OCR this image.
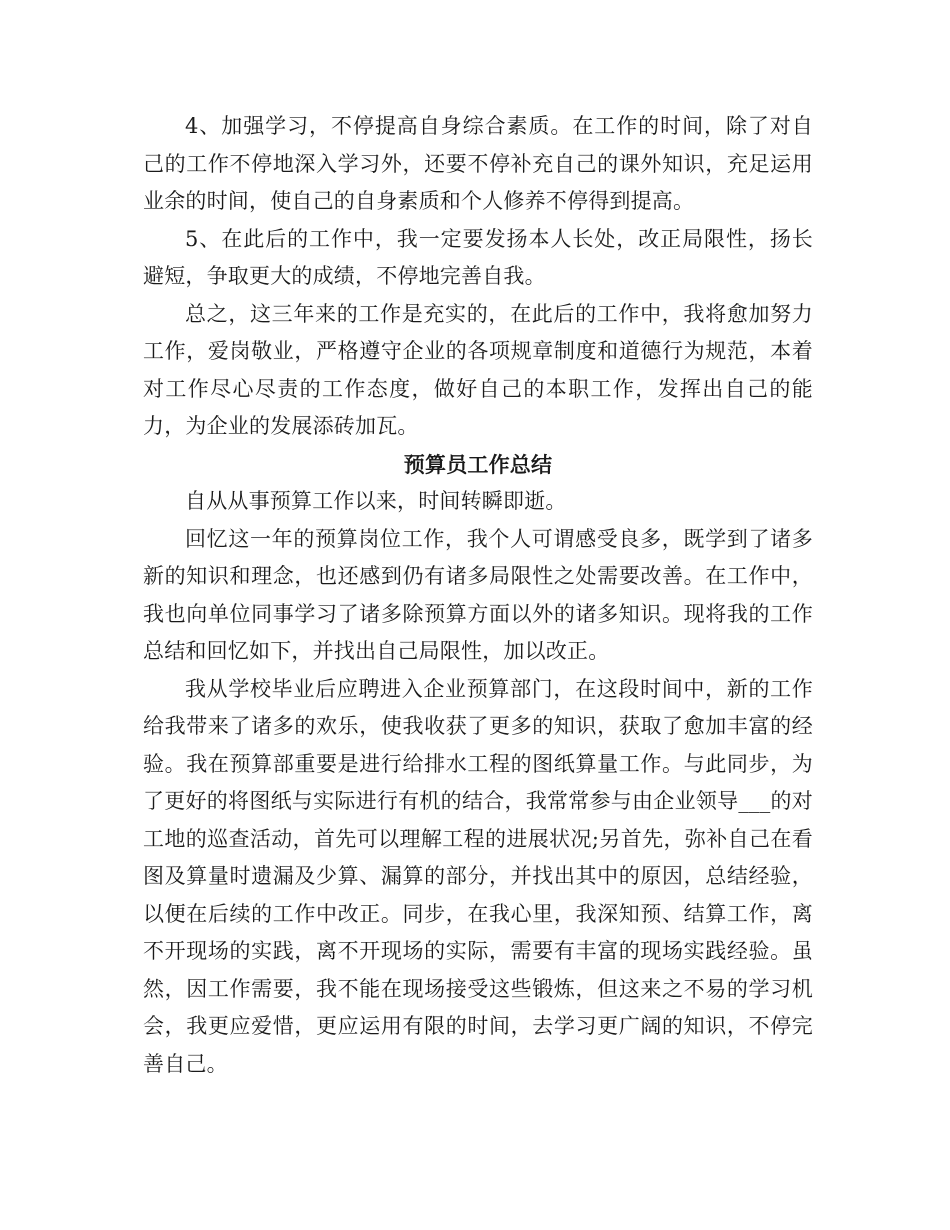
4、加强学习，不停提高自身综合素质。在工作的时间，除了对自己的工作不停地深入学习外，还要不停补充自己的课外知识，充足运用业余的时间，使自己的自身素质和个人修养不停得到提高。

5、在此后的工作中，我一定要发扬本人长处，改正局限性，扬长避短，争取更大的成绩，不停地完善自我。

总之，这三年来的工作是充实的，在此后的工作中，我将愈加努力工作，爱岗敬业，严格遵守企业的各项规章制度和道德行为规范，本着对工作尽心尽责的工作态度，做好自己的本职工作，发挥出自己的能力，为企业的发展添砖加瓦。

预算员工作总结

自从从事预算工作以来，时间转瞬即逝。

回忆这一年的预算岗位工作，我个人可谓感受良多，既学到了诸多新的知识和理念，也还感到仍有诸多局限性之处需要改善。在工作中，我也向单位同事学习了诸多除预算方面以外的诸多知识。现将我的工作总结和回忆如下，并找出自己局限性，加以改正。

我从学校毕业后应聘进入企业预算部门，在这段时间中，新的工作给我带来了诸多的欢乐，使我收获了更多的知识，获取了愈加丰富的经验。我在预算部重要是进行给排水工程的图纸算量工作。与此同步，为了更好的将图纸与实际进行有机的结合，我常常参与由企业领导___的对工地的巡查活动，首先可以理解工程的进展状况;另首先，弥补自己在看图及算量时遗漏及少算、漏算的部分，并找出其中的原因，总结经验，以便在后续的工作中改正。同步，在我心里，我深知预、结算工作，离不开现场的实践，离不开现场的实际，需要有丰富的现场实践经验。虽然，因工作需要，我不能在现场接受这些锻炼，但这来之不易的学习机会，我更应爱惜，更应运用有限的时间，去学习更广阔的知识，不停完善自己。
